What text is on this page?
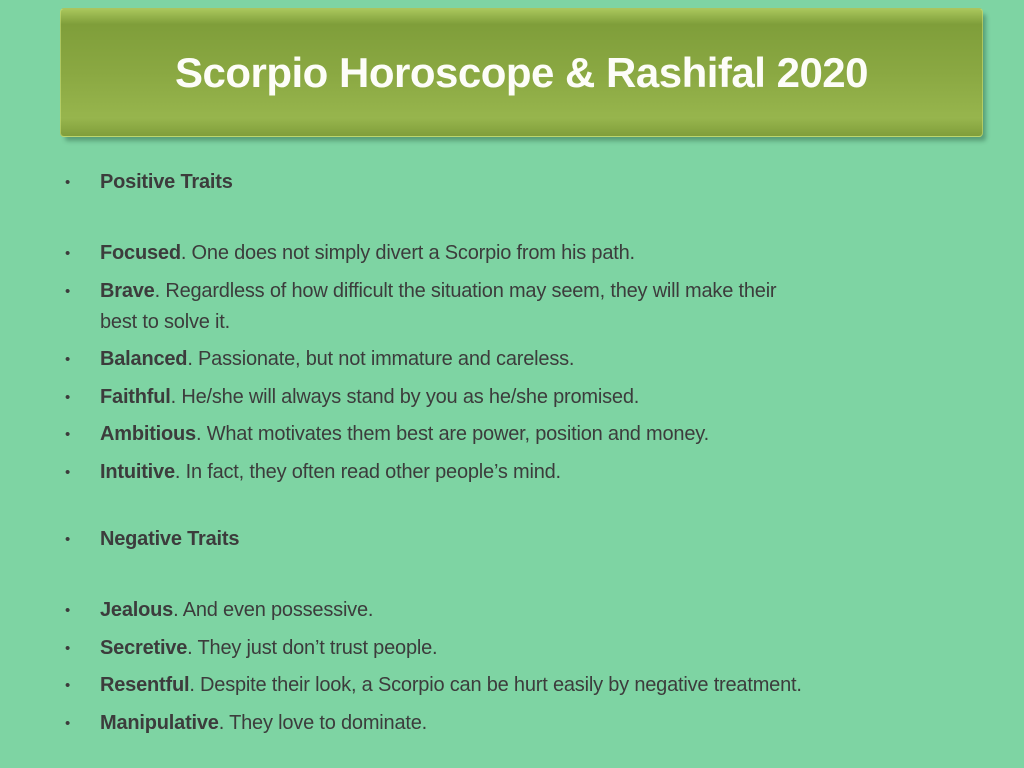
Scorpio Horoscope & Rashifal 2020
•	Positive Traits
•	Focused. One does not simply divert a Scorpio from his path.
•	Brave. Regardless of how difficult the situation may seem, they will make their
best to solve it.
•	Balanced. Passionate, but not immature and careless.
•	Faithful. He/she will always stand by you as he/she promised.
•	Ambitious. What motivates them best are power, position and money.
•	Intuitive. In fact, they often read other people’s mind.
•	Negative Traits
•	Jealous. And even possessive.
•	Secretive. They just don’t trust people.
•	Resentful. Despite their look, a Scorpio can be hurt easily by negative treatment.
•	Manipulative. They love to dominate.
